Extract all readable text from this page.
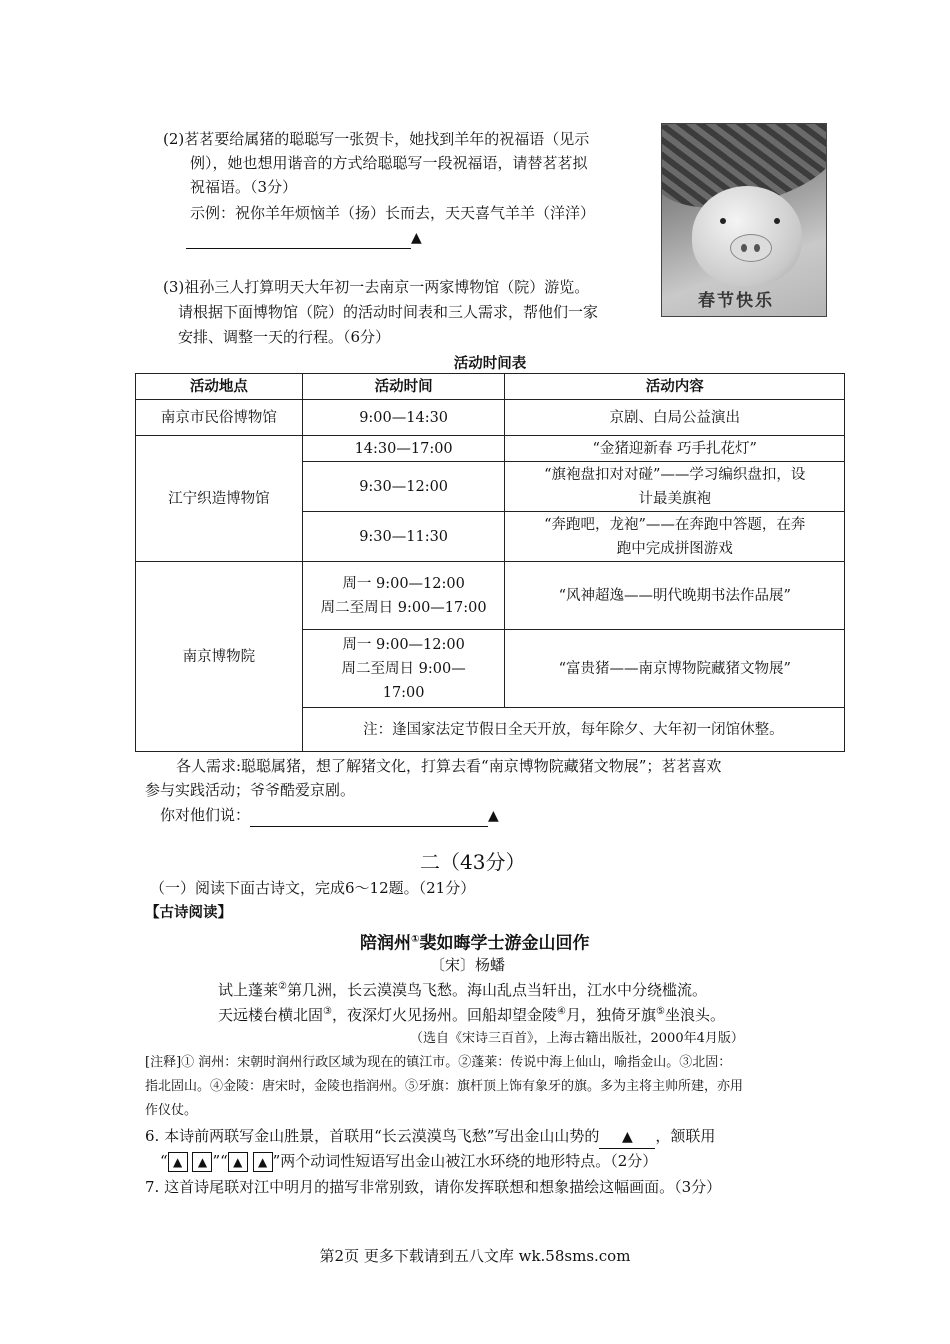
(2)茗茗要给属猪的聪聪写一张贺卡，她找到羊年的祝福语（见示
例），她也想用谐音的方式给聪聪写一段祝福语，请替茗茗拟
祝福语。（3分）
示例：祝你羊年烦恼羊（扬）长而去，天天喜气羊羊（洋洋）
▲
春节快乐
(3)祖孙三人打算明天大年初一去南京一两家博物馆（院）游览。
请根据下面博物馆（院）的活动时间表和三人需求，帮他们一家
安排、调整一天的行程。（6分）
活动时间表
活动地点	活动时间	活动内容
南京市民俗博物馆	9:00—14:30	京剧、白局公益演出
江宁织造博物馆	14:30—17:00	“金猪迎新春 巧手扎花灯”
	9:30—12:00	“旗袍盘扣对对碰”——学习编织盘扣，设
计最美旗袍
	9:30—11:30	“奔跑吧，龙袍”——在奔跑中答题，在奔
跑中完成拼图游戏
南京博物院	周一 9:00—12:00
周二至周日 9:00—17:00	“风神超逸——明代晚期书法作品展”
	周一 9:00—12:00
周二至周日 9:00—
17:00	“富贵猪——南京博物院藏猪文物展”
	注：逢国家法定节假日全天开放，每年除夕、大年初一闭馆休整。	
各人需求:聪聪属猪，想了解猪文化，打算去看“南京博物院藏猪文物展”；茗茗喜欢
参与实践活动；爷爷酷爱京剧。
你对他们说：	▲
二（43分）
（一）阅读下面古诗文，完成6～12题。（21分）
【古诗阅读】
陪润州①裴如晦学士游金山回作
〔宋〕杨蟠
试上蓬莱②第几洲，长云漠漠鸟飞愁。海山乱点当轩出，江水中分绕槛流。
天远楼台横北固③，夜深灯火见扬州。回船却望金陵④月，独倚牙旗⑤坐浪头。
（选自《宋诗三百首》，上海古籍出版社，2000年4月版）
[注释]① 润州：宋朝时润州行政区域为现在的镇江市。②蓬莱：传说中海上仙山，喻指金山。③北固：
指北固山。④金陵：唐宋时，金陵也指润州。⑤牙旗：旗杆顶上饰有象牙的旗。多为主将主帅所建，亦用
作仪仗。
6. 本诗前两联写金山胜景，首联用“长云漠漠鸟飞愁”写出金山山势的 ▲ ，颔联用
“ ▲ ▲ ”“ ▲ ▲ ”两个动词性短语写出金山被江水环绕的地形特点。（2分）
7. 这首诗尾联对江中明月的描写非常别致，请你发挥联想和想象描绘这幅画面。（3分）
第2页 更多下载请到五八文库 wk.58sms.com
